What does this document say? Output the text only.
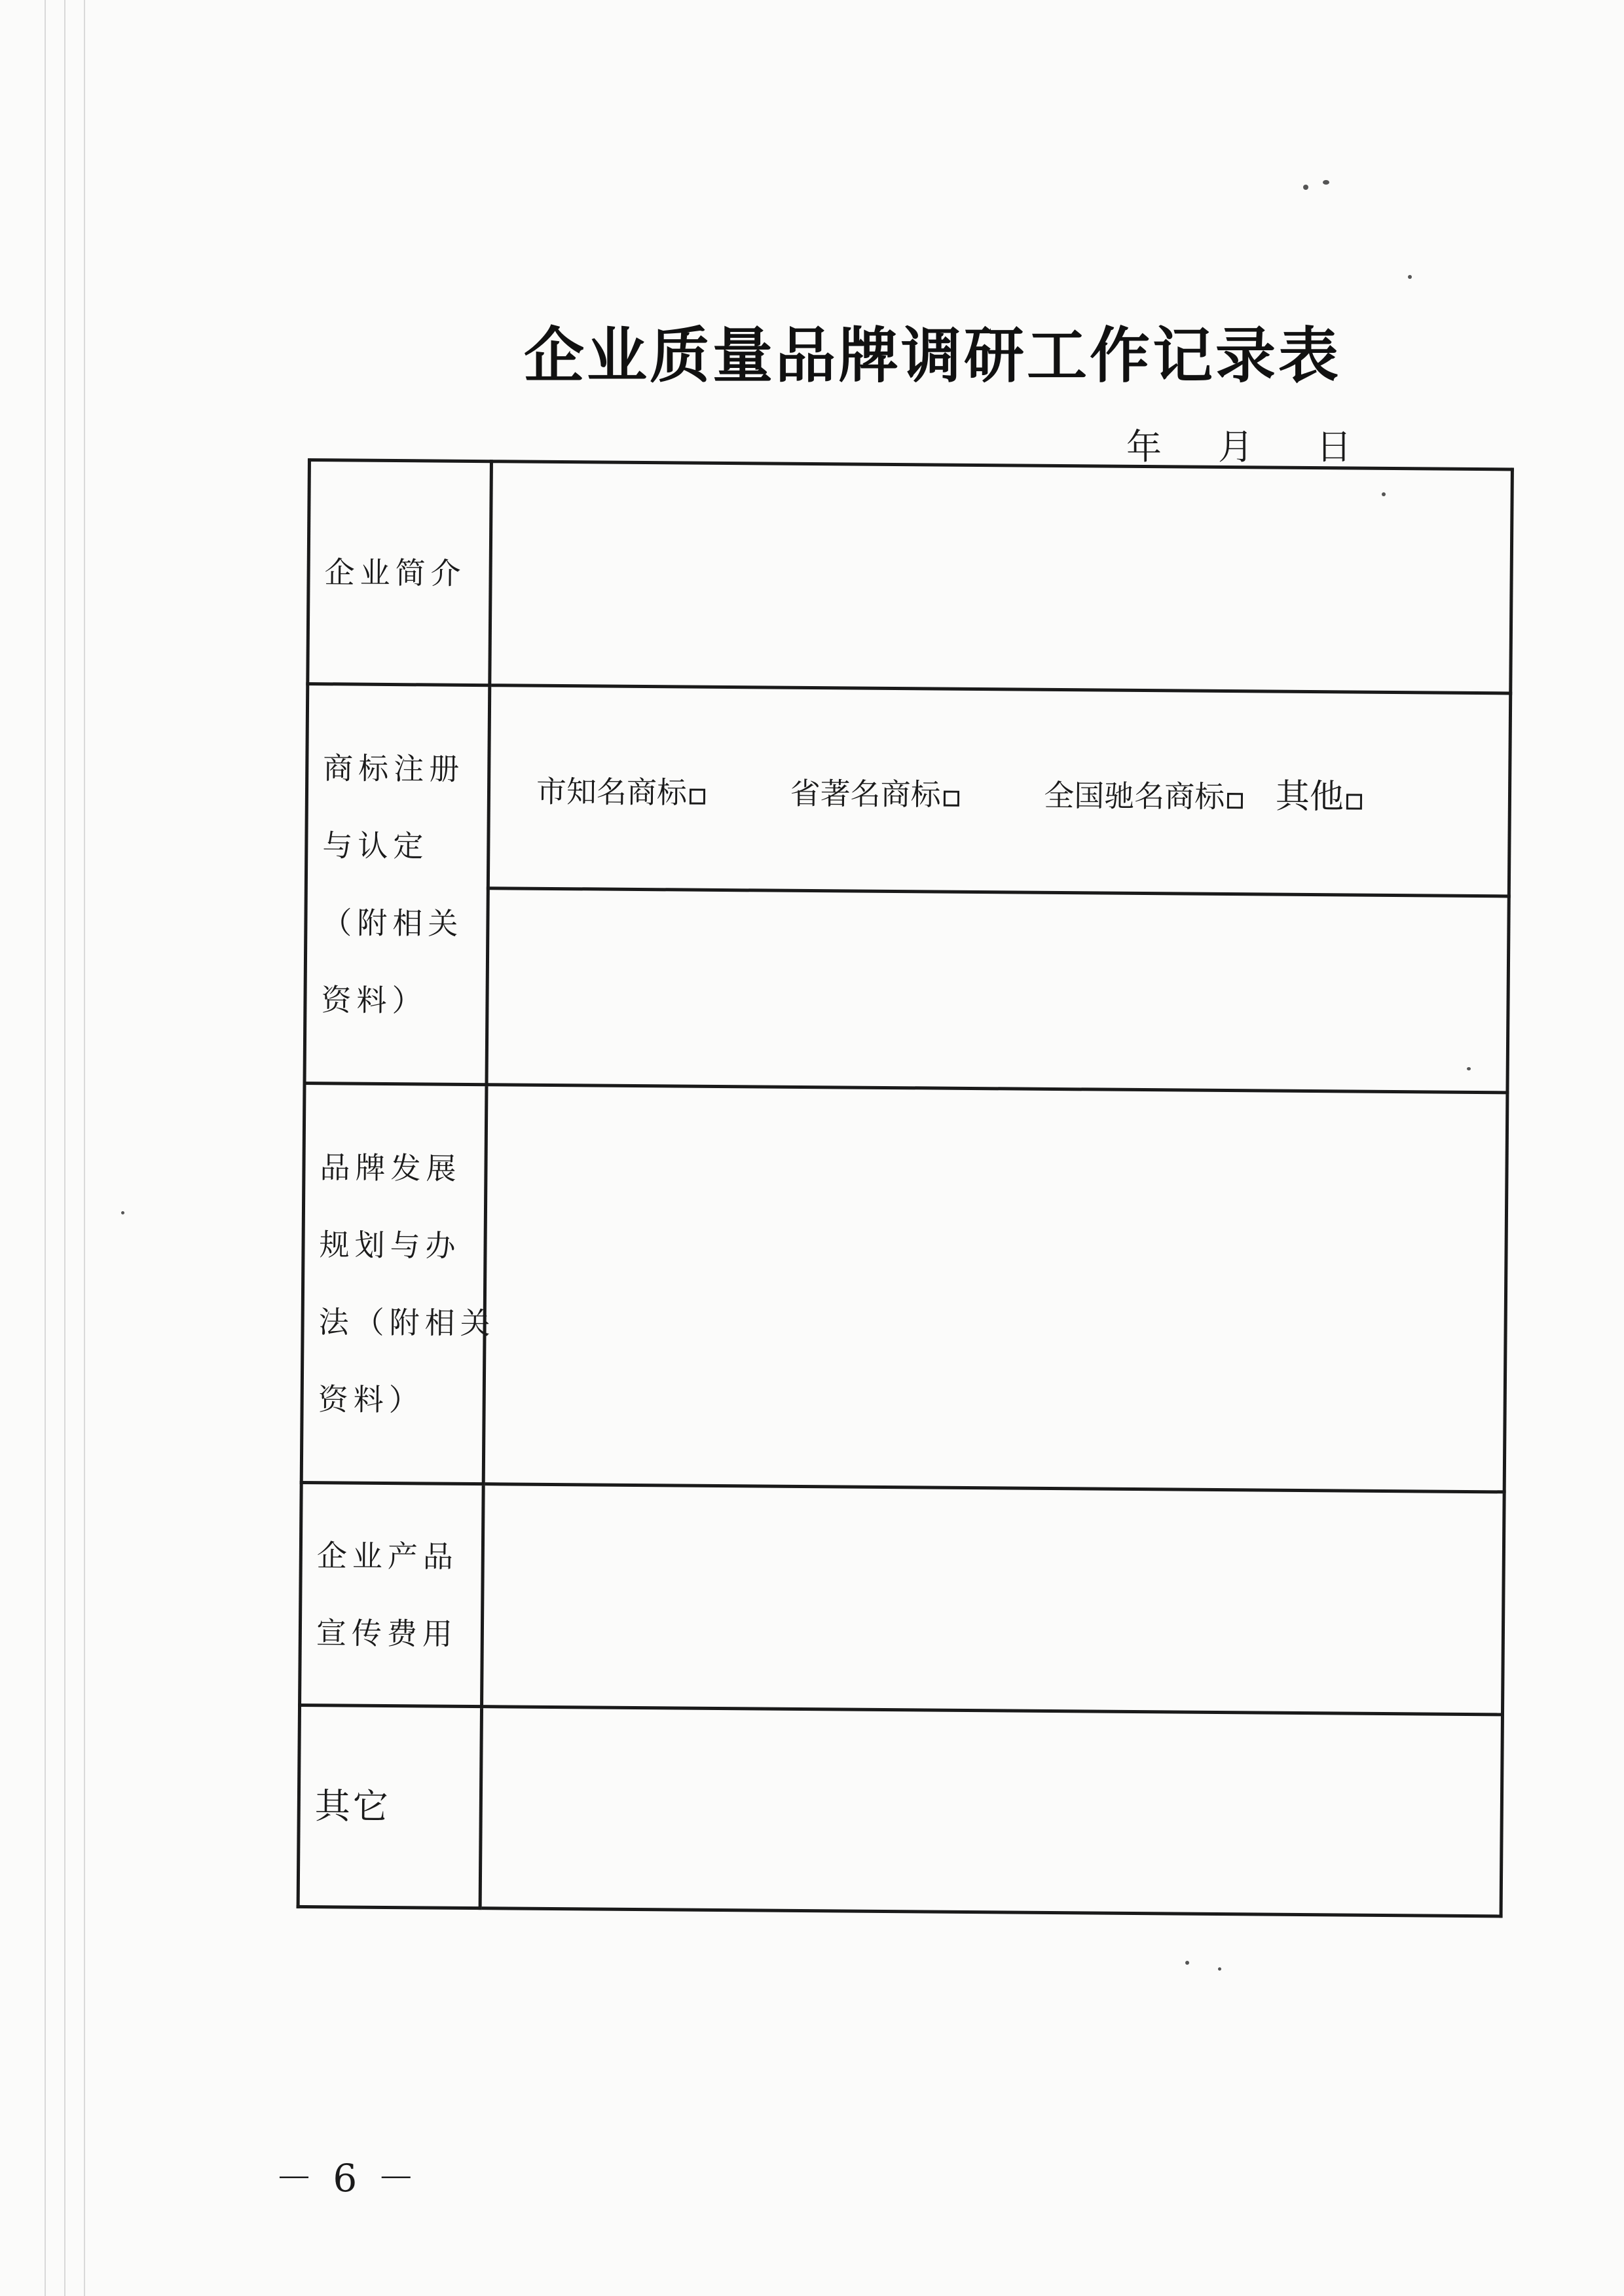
企业质量品牌调研工作记录表
年 月 日
企业简介	

商标注册
与认定
（附相关
资料）	市知名商标 省著名商标 全国驰名商标 其他

品牌发展
规划与办
法（附相关
资料）	

企业产品
宣传费用	

其它	

－ 6 －
